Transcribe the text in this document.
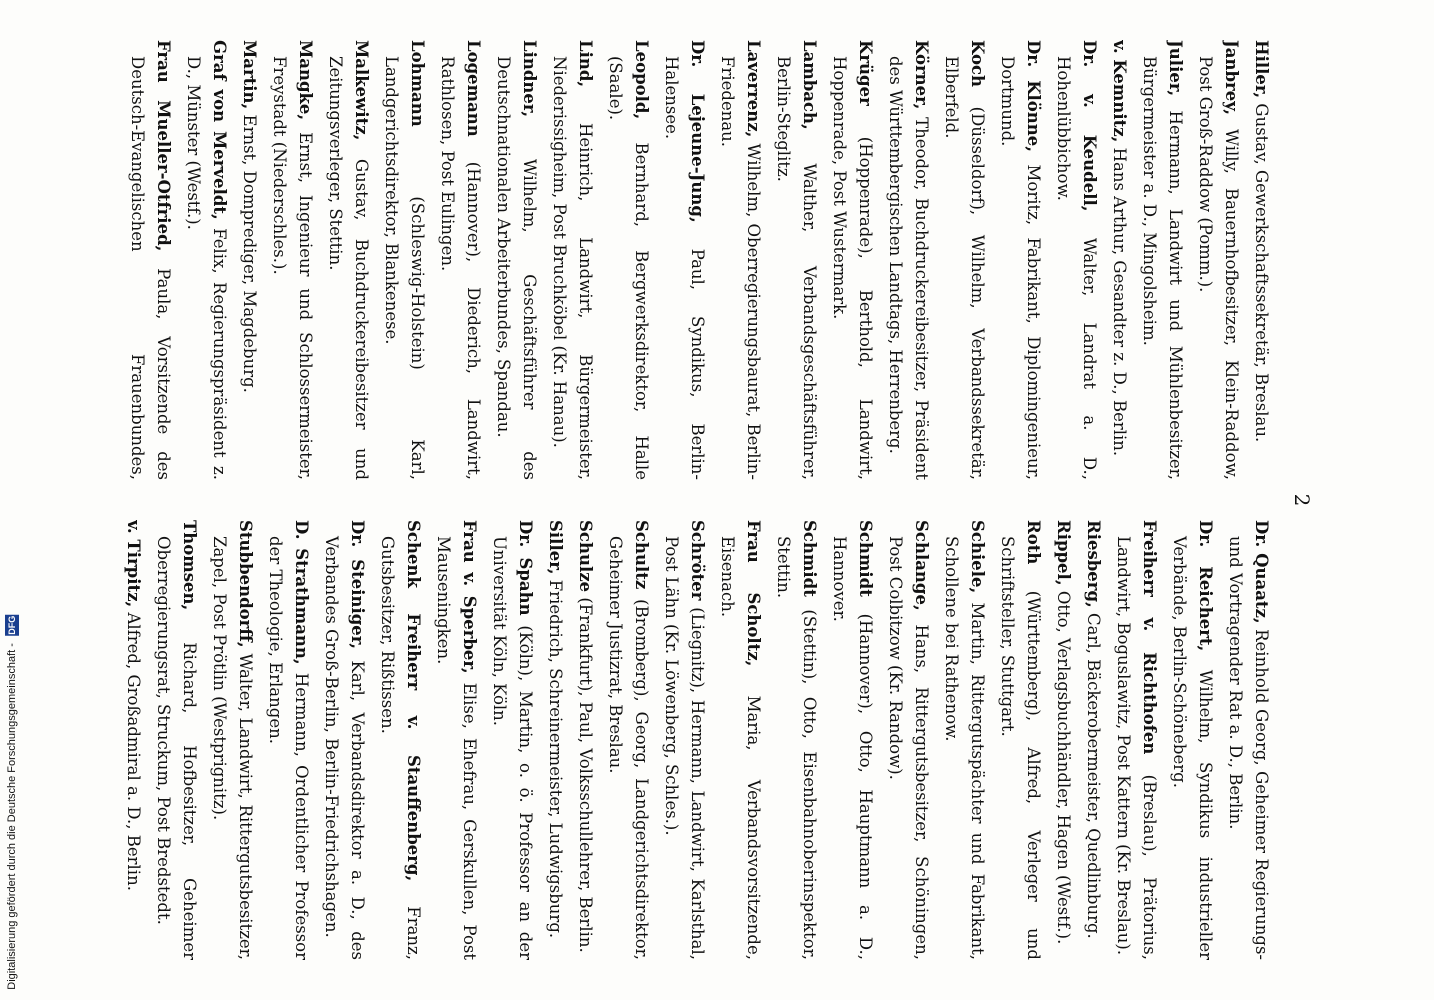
2

Hiller, Gustav, Gewerkschaftssekretär, Breslau.

Janbrey, Willy, Bauernhofbesitzer, Klein-Raddow, Post Groß-Raddow (Pomm.).

Julier, Hermann, Landwirt und Mühlenbesitzer, Bürgermeister a. D., Mingolsheim.

v. Kemnitz, Hans Arthur, Gesandter z. D., Berlin.

Dr. v. Keudell, Walter, Landrat a. D., Hohenlübbichow.

Dr. Klönne, Moritz, Fabrikant, Diplomingenieur, Dortmund.

Koch (Düsseldorf), Wilhelm, Verbandssekretär, Elberfeld.

Körner, Theodor, Buchdruckereibesitzer, Präsident des Württembergischen Landtags, Herrenberg.

Krüger (Hoppenrade), Berthold, Landwirt, Hoppenrade, Post Wustermark.

Lambach, Walther, Verbandsgeschäftsführer, Berlin-Steglitz.

Laverrenz, Wilhelm, Oberregierungsbaurat, Berlin-Friedenau.

Dr. Lejeune-Jung, Paul, Syndikus, Berlin-Halensee.

Leopold, Bernhard, Bergwerksdirektor, Halle (Saale).

Lind, Heinrich, Landwirt, Bürgermeister, Niederissigheim, Post Bruchköbel (Kr. Hanau).

Lindner, Wilhelm, Geschäftsführer des Deutschnationalen Arbeiterbundes, Spandau.

Logemann (Hannover), Diederich, Landwirt, Rathlosen, Post Eulingen.

Lohmann (Schleswig-Holstein) Karl, Landgerichtsdirektor, Blankenese.

Malkewitz, Gustav, Buchdruckereibesitzer und Zeitungsverleger, Stettin.

Mangke, Ernst, Ingenieur und Schlossermeister, Freystadt (Niederschles.).

Martin, Ernst, Domprediger, Magdeburg.

Graf von Merveldt, Felix, Regierungspräsident z. D., Münster (Westf.).

Frau Mueller-Otfried, Paula, Vorsitzende des Deutsch-Evangelischen Frauenbundes,

Dr. Quaatz, Reinhold Georg, Geheimer Regierungs- und Vortragender Rat a. D., Berlin.

Dr. Reichert, Wilhelm, Syndikus industrieller Verbände, Berlin-Schöneberg.

Freiherr v. Richthofen (Breslau), Prätorius, Landwirt, Boguslawitz, Post Kattern (Kr. Breslau).

Riesberg, Carl, Bäckerobermeister, Quedlinburg.

Rippel, Otto, Verlagsbuchhändler, Hagen (Westf.).

Roth (Württemberg), Alfred, Verleger und Schriftsteller, Stuttgart.

Schiele, Martin, Rittergutspächter und Fabrikant, Schollene bei Rathenow.

Schlange, Hans, Rittergutsbesitzer, Schöningen, Post Colbitzow (Kr. Randow).

Schmidt (Hannover), Otto, Hauptmann a. D., Hannover.

Schmidt (Stettin), Otto, Eisenbahnoberinspektor, Stettin.

Frau Scholtz, Maria, Verbandsvorsitzende, Eisenach.

Schröter (Liegnitz), Hermann, Landwirt, Karlsthal, Post Lähn (Kr. Löwenberg, Schles.).

Schultz (Bromberg), Georg, Landgerichtsdirektor, Geheimer Justizrat, Breslau.

Schulze (Frankfurt), Paul, Volksschullehrer, Berlin.

Siller, Friedrich, Schreinermeister, Ludwigsburg.

Dr. Spahn (Köln), Martin, o. ö. Professor an der Universität Köln, Köln.

Frau v. Sperber, Elise, Ehefrau, Gerskullen, Post Mauseningken.

Schenk Freiherr v. Stauffenberg, Franz, Gutsbesitzer, Rißtissen.

Dr. Steiniger, Karl, Verbandsdirektor a. D., des Verbandes Groß-Berlin, Berlin-Friedrichshagen.

D. Strathmann, Hermann, Ordentlicher Professor der Theologie, Erlangen.

Stubbendorff, Walter, Landwirt, Rittergutsbesitzer, Zapel, Post Prötlin (Westprignitz).

Thomsen, Richard, Hofbesitzer, Geheimer Oberregierungsrat, Struckum, Post Bredstedt.

v. Tirpitz, Alfred, Großadmiral a. D., Berlin.

Digitalisierung gefördert durch die Deutsche Forschungsgemeinschaft - DFG
